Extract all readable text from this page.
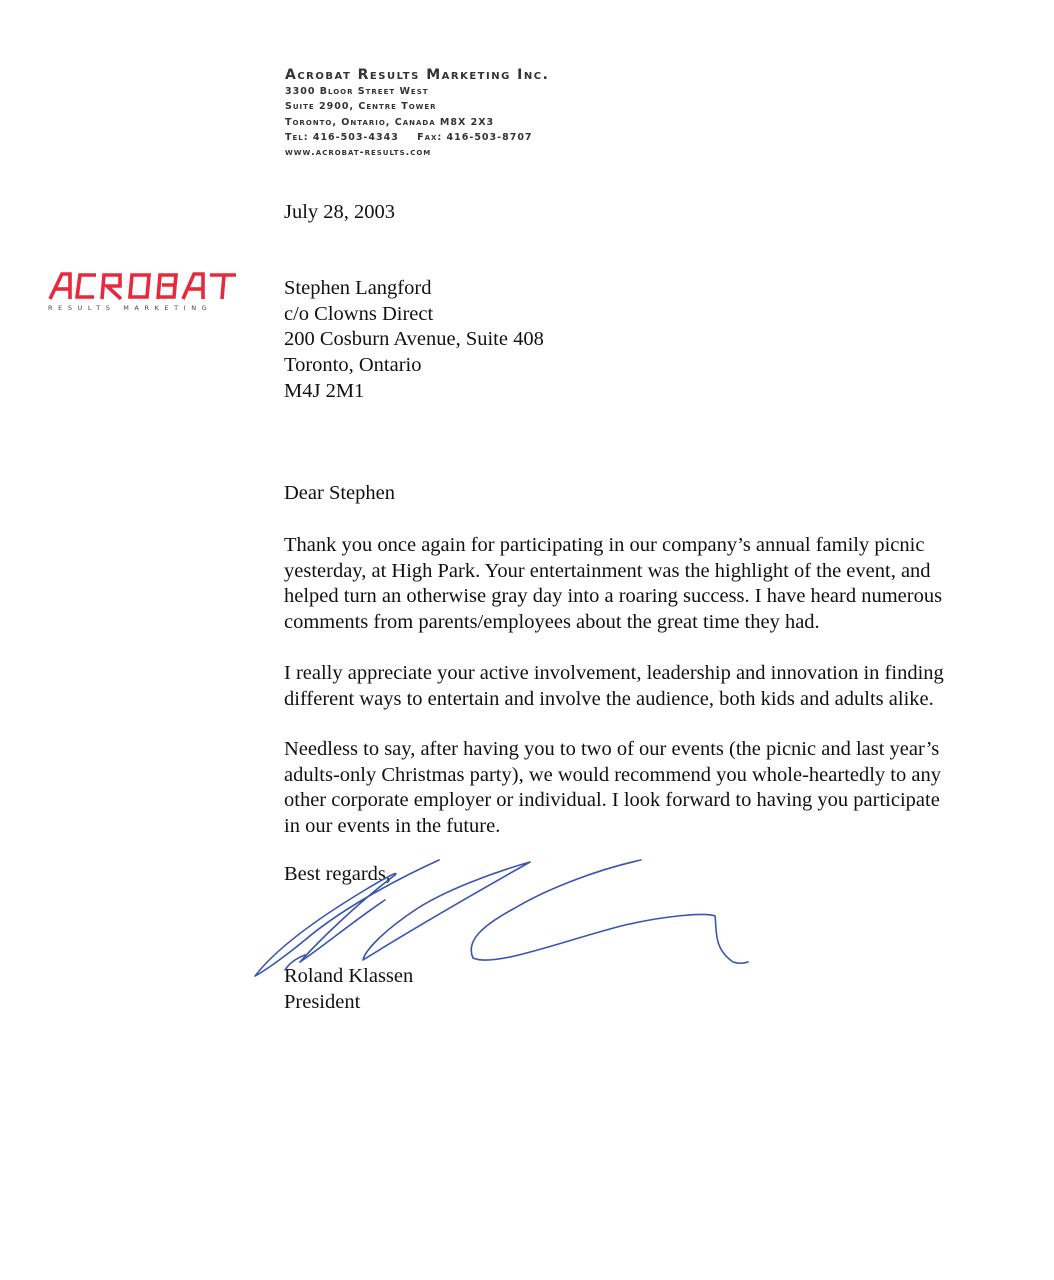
Acrobat Results Marketing Inc.
3300 Bloor Street West
Suite 2900, Centre Tower
Toronto, Ontario, Canada M8X 2X3
Tel: 416-503-4343 Fax: 416-503-8707
www.acrobat-results.com
RESULTS MARKETING
July 28, 2003
Stephen Langford
c/o Clowns Direct
200 Cosburn Avenue, Suite 408
Toronto, Ontario
M4J 2M1
Dear Stephen

Thank you once again for participating in our company’s annual family picnic
yesterday, at High Park. Your entertainment was the highlight of the event, and
helped turn an otherwise gray day into a roaring success. I have heard numerous
comments from parents/employees about the great time they had.

I really appreciate your active involvement, leadership and innovation in finding
different ways to entertain and involve the audience, both kids and adults alike.

Needless to say, after having you to two of our events (the picnic and last year’s
adults-only Christmas party), we would recommend you whole-heartedly to any
other corporate employer or individual. I look forward to having you participate
in our events in the future.

Best regards,
Roland Klassen
President
